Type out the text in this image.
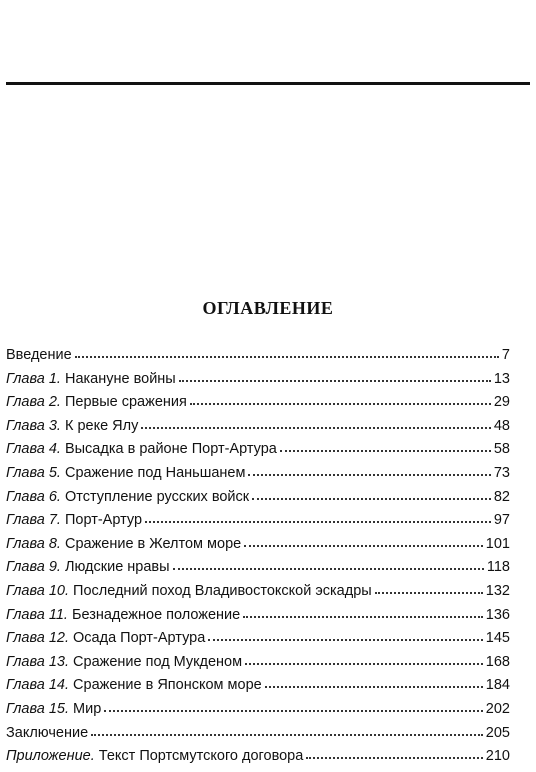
ОГЛАВЛЕНИЕ
Введение	7
Глава 1. Накануне войны	13
Глава 2. Первые сражения	29
Глава 3. К реке Ялу	48
Глава 4. Высадка в районе Порт-Артура	58
Глава 5. Сражение под Наньшанем	73
Глава 6. Отступление русских войск	82
Глава 7. Порт-Артур	97
Глава 8. Сражение в Желтом море	101
Глава 9. Людские нравы	118
Глава 10. Последний поход Владивостокской эскадры	132
Глава 11. Безнадежное положение	136
Глава 12. Осада Порт-Артура	145
Глава 13. Сражение под Мукденом	168
Глава 14. Сражение в Японском море	184
Глава 15. Мир	202
Заключение	205
Приложение. Текст Портсмутского договора	210
